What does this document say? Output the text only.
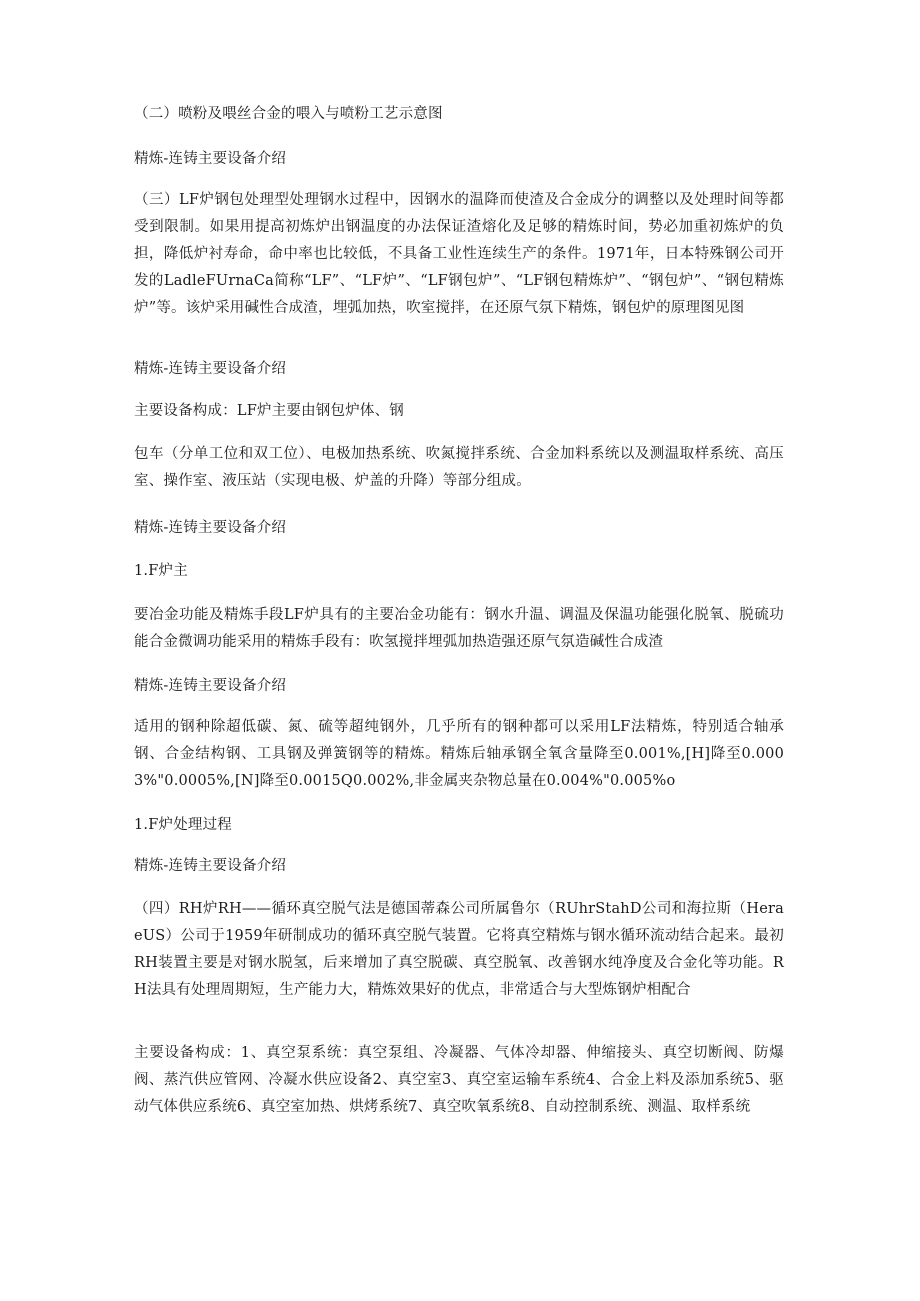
（二）喷粉及喂丝合金的喂入与喷粉工艺示意图

精炼-连铸主要设备介绍

（三）LF炉钢包处理型处理钢水过程中，因钢水的温降而使渣及合金成分的调整以及处理时间等都受到限制。如果用提高初炼炉出钢温度的办法保证渣熔化及足够的精炼时间，势必加重初炼炉的负担，降低炉衬寿命，命中率也比较低，不具备工业性连续生产的条件。1971年，日本特殊钢公司开发的LadleFUrnaCa简称“LF”、“LF炉”、“LF钢包炉”、“LF钢包精炼炉”、“钢包炉”、“钢包精炼炉”等。该炉采用碱性合成渣，埋弧加热，吹室搅拌，在还原气氛下精炼，钢包炉的原理图见图

精炼-连铸主要设备介绍

主要设备构成：LF炉主要由钢包炉体、钢

包车（分单工位和双工位）、电极加热系统、吹氮搅拌系统、合金加料系统以及测温取样系统、高压室、操作室、液压站（实现电极、炉盖的升降）等部分组成。

精炼-连铸主要设备介绍

1.F炉主

要冶金功能及精炼手段LF炉具有的主要冶金功能有：钢水升温、调温及保温功能强化脱氧、脱硫功能合金微调功能采用的精炼手段有：吹氢搅拌埋弧加热造强还原气氛造碱性合成渣

精炼-连铸主要设备介绍

适用的钢种除超低碳、氮、硫等超纯钢外，几乎所有的钢种都可以采用LF法精炼，特别适合轴承钢、合金结构钢、工具钢及弹簧钢等的精炼。精炼后轴承钢全氧含量降至0.001%,[H]降至0.0003%"0.0005%,[N]降至0.0015Q0.002%,非金属夹杂物总量在0.004%"0.005%o

1.F炉处理过程

精炼-连铸主要设备介绍

（四）RH炉RH——循环真空脱气法是德国蒂森公司所属鲁尔（RUhrStahD公司和海拉斯（HeraeUS）公司于1959年研制成功的循环真空脱气装置。它将真空精炼与钢水循环流动结合起来。最初RH装置主要是对钢水脱氢，后来增加了真空脱碳、真空脱氧、改善钢水纯净度及合金化等功能。RH法具有处理周期短，生产能力大，精炼效果好的优点，非常适合与大型炼钢炉相配合

主要设备构成：1、真空泵系统：真空泵组、冷凝器、气体冷却器、伸缩接头、真空切断阀、防爆阀、蒸汽供应管网、冷凝水供应设备2、真空室3、真空室运输车系统4、合金上料及添加系统5、驱动气体供应系统6、真空室加热、烘烤系统7、真空吹氧系统8、自动控制系统、测温、取样系统
